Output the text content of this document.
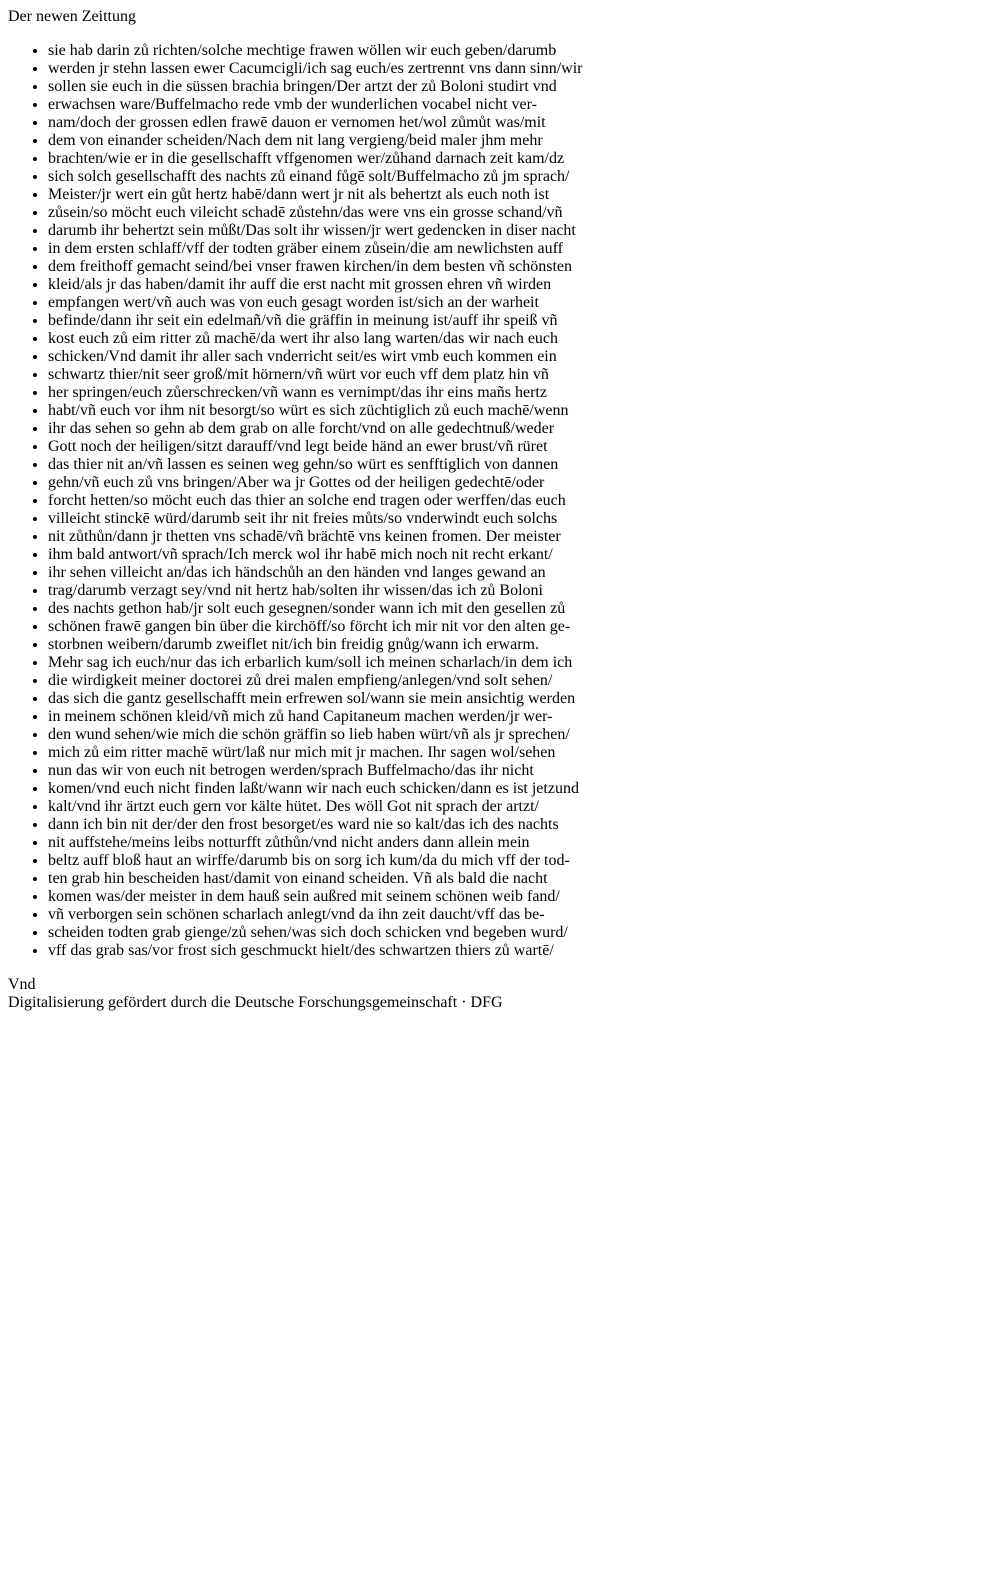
Der newen Zeittung
• sie hab darin zů richten/solche mechtige frawen wöllen wir euch geben/darumb
• werden jr stehn lassen ewer Cacumcigli/ich sag euch/es zertrennt vns dann sinn/wir
• sollen sie euch in die süssen brachia bringen/Der artzt der zů Boloni studirt vnd
• erwachsen ware/Buffelmacho rede vmb der wunderlichen vocabel nicht ver-
• nam/doch der grossen edlen frawē dauon er vernomen het/wol zůmůt was/mit
• dem von einander scheiden/Nach dem nit lang vergieng/beid maler jhm mehr
• brachten/wie er in die gesellschafft vffgenomen wer/zůhand darnach zeit kam/dz
• sich solch gesellschafft des nachts zů einand fůgē solt/Buffelmacho zů jm sprach/
• Meister/jr wert ein gůt hertz habē/dann wert jr nit als behertzt als euch noth ist
• zůsein/so möcht euch vileicht schadē zůstehn/das were vns ein grosse schand/vñ
• darumb ihr behertzt sein můßt/Das solt ihr wissen/jr wert gedencken in diser nacht
• in dem ersten schlaff/vff der todten gräber einem zůsein/die am newlichsten auff
• dem freithoff gemacht seind/bei vnser frawen kirchen/in dem besten vñ schönsten
• kleid/als jr das haben/damit ihr auff die erst nacht mit grossen ehren vñ wirden
• empfangen wert/vñ auch was von euch gesagt worden ist/sich an der warheit
• befinde/dann ihr seit ein edelmañ/vñ die gräffin in meinung ist/auff ihr speiß vñ
• kost euch zů eim ritter zů machē/da wert ihr also lang warten/das wir nach euch
• schicken/Vnd damit ihr aller sach vnderricht seit/es wirt vmb euch kommen ein
• schwartz thier/nit seer groß/mit hörnern/vñ würt vor euch vff dem platz hin vñ
• her springen/euch zůerschrecken/vñ wann es vernimpt/das ihr eins mañs hertz
• habt/vñ euch vor ihm nit besorgt/so würt es sich züchtiglich zů euch machē/wenn
• ihr das sehen so gehn ab dem grab on alle forcht/vnd on alle gedechtnuß/weder
• Gott noch der heiligen/sitzt darauff/vnd legt beide händ an ewer brust/vñ rüret
• das thier nit an/vñ lassen es seinen weg gehn/so würt es senfftiglich von dannen
• gehn/vñ euch zů vns bringen/Aber wa jr Gottes od der heiligen gedechtē/oder
• forcht hetten/so möcht euch das thier an solche end tragen oder werffen/das euch
• villeicht stinckē würd/darumb seit ihr nit freies můts/so vnderwindt euch solchs
• nit zůthůn/dann jr thetten vns schadē/vñ brächtē vns keinen fromen. Der meister
• ihm bald antwort/vñ sprach/Ich merck wol ihr habē mich noch nit recht erkant/
• ihr sehen villeicht an/das ich händschůh an den händen vnd langes gewand an
• trag/darumb verzagt sey/vnd nit hertz hab/solten ihr wissen/das ich zů Boloni
• des nachts gethon hab/jr solt euch gesegnen/sonder wann ich mit den gesellen zů
• schönen frawē gangen bin über die kirchöff/so förcht ich mir nit vor den alten ge-
• storbnen weibern/darumb zweiflet nit/ich bin freidig gnůg/wann ich erwarm.
• Mehr sag ich euch/nur das ich erbarlich kum/soll ich meinen scharlach/in dem ich
• die wirdigkeit meiner doctorei zů drei malen empfieng/anlegen/vnd solt sehen/
• das sich die gantz gesellschafft mein erfrewen sol/wann sie mein ansichtig werden
• in meinem schönen kleid/vñ mich zů hand Capitaneum machen werden/jr wer-
• den wund sehen/wie mich die schön gräffin so lieb haben würt/vñ als jr sprechen/
• mich zů eim ritter machē würt/laß nur mich mit jr machen. Ihr sagen wol/sehen
• nun das wir von euch nit betrogen werden/sprach Buffelmacho/das ihr nicht
• komen/vnd euch nicht finden laßt/wann wir nach euch schicken/dann es ist jetzund
• kalt/vnd ihr ärtzt euch gern vor kälte hütet. Des wöll Got nit sprach der artzt/
• dann ich bin nit der/der den frost besorget/es ward nie so kalt/das ich des nachts
• nit auffstehe/meins leibs notturfft zůthůn/vnd nicht anders dann allein mein
• beltz auff bloß haut an wirffe/darumb bis on sorg ich kum/da du mich vff der tod-
• ten grab hin bescheiden hast/damit von einand scheiden. Vñ als bald die nacht
• komen was/der meister in dem hauß sein außred mit seinem schönen weib fand/
• vñ verborgen sein schönen scharlach anlegt/vnd da ihn zeit daucht/vff das be-
• scheiden todten grab gienge/zů sehen/was sich doch schicken vnd begeben wurd/
• vff das grab sas/vor frost sich geschmuckt hielt/des schwartzen thiers zů wartē/
Vnd
Digitalisierung gefördert durch die Deutsche Forschungsgemeinschaft · DFG
